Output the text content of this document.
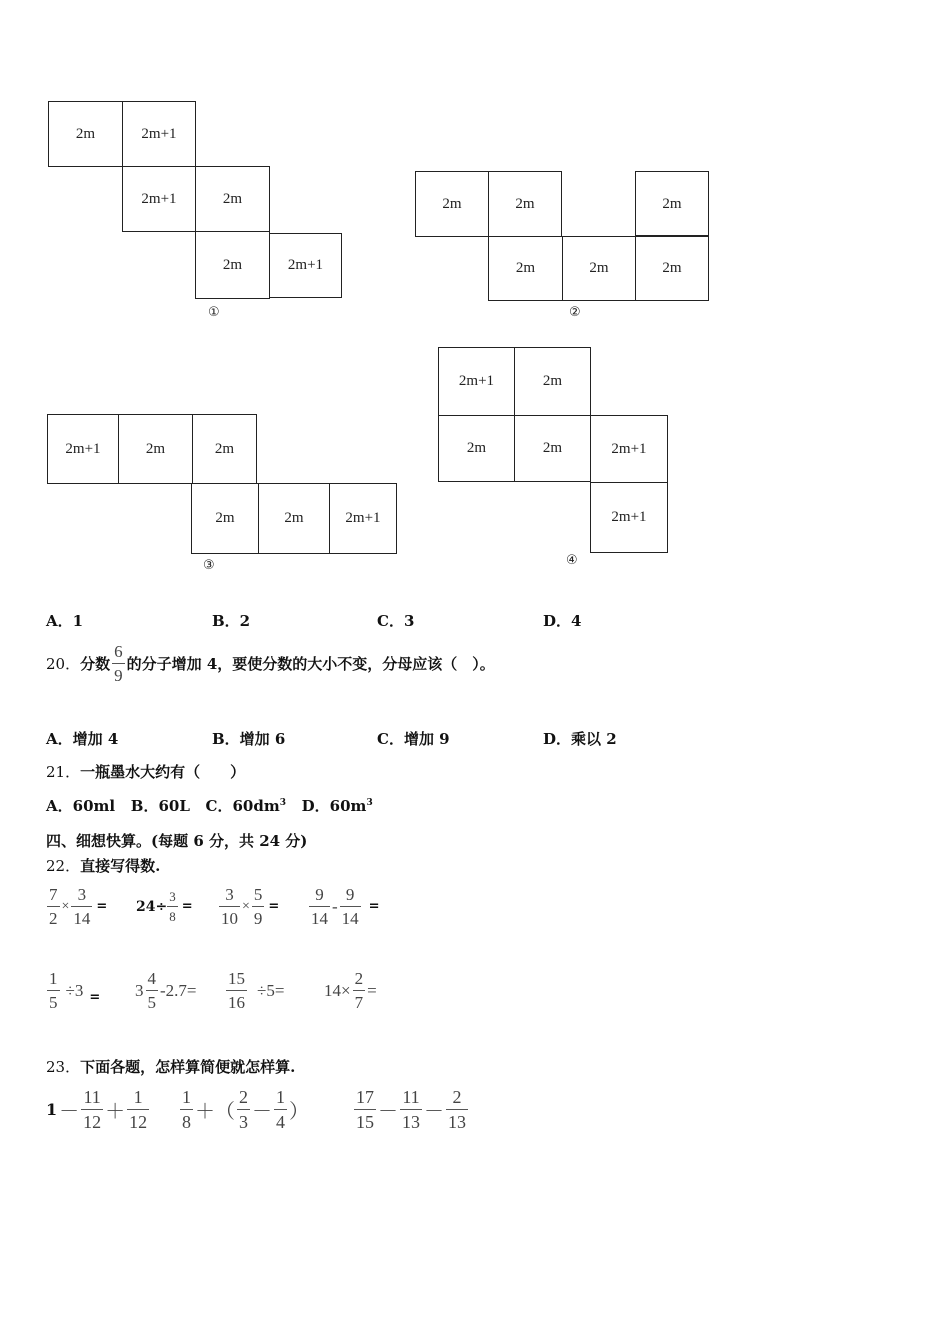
2m	2m+1
2m+1	2m
2m	2m+1
①
2m	2m	2m
2m	2m	2m
②
2m+1	2m	2m
2m	2m	2m+1
③
2m+1	2m
2m	2m	2m+1
2m+1
④
A．1	B．2	C．3	D．4
20． 分数 $\frac{6}{9}$ 的分子增加 4，要使分数的大小不变，分母应该（　）。
A．增加 4	B．增加 6	C．增加 9	D．乘以 2
21．一瓶墨水大约有（　　）
A．60ml B．60L C．$60dm^3$ D．$60m^3$
四、细想快算。(每题 6 分，共 24 分)
22．直接写得数.
$\frac{7}{2} \times \frac{3}{14} = 24\div \frac{3}{8} = \frac{3}{10} \times \frac{5}{9} = \frac{9}{14} - \frac{9}{14}$ =
$\frac{1}{5} \div 3 = 3 \frac{4}{5} -2.7= \frac{15}{16} \div 5= 14\times \frac{2}{7}$ =
23．下面各题，怎样算简便就怎样算.
$1 - \frac{11}{12} + \frac{1}{12} \frac{1}{8}$ ＋（ $\frac{2}{3} - \frac{1}{4}$ ）	$\frac{17}{15} - \frac{11}{13} - \frac{2}{13}$
